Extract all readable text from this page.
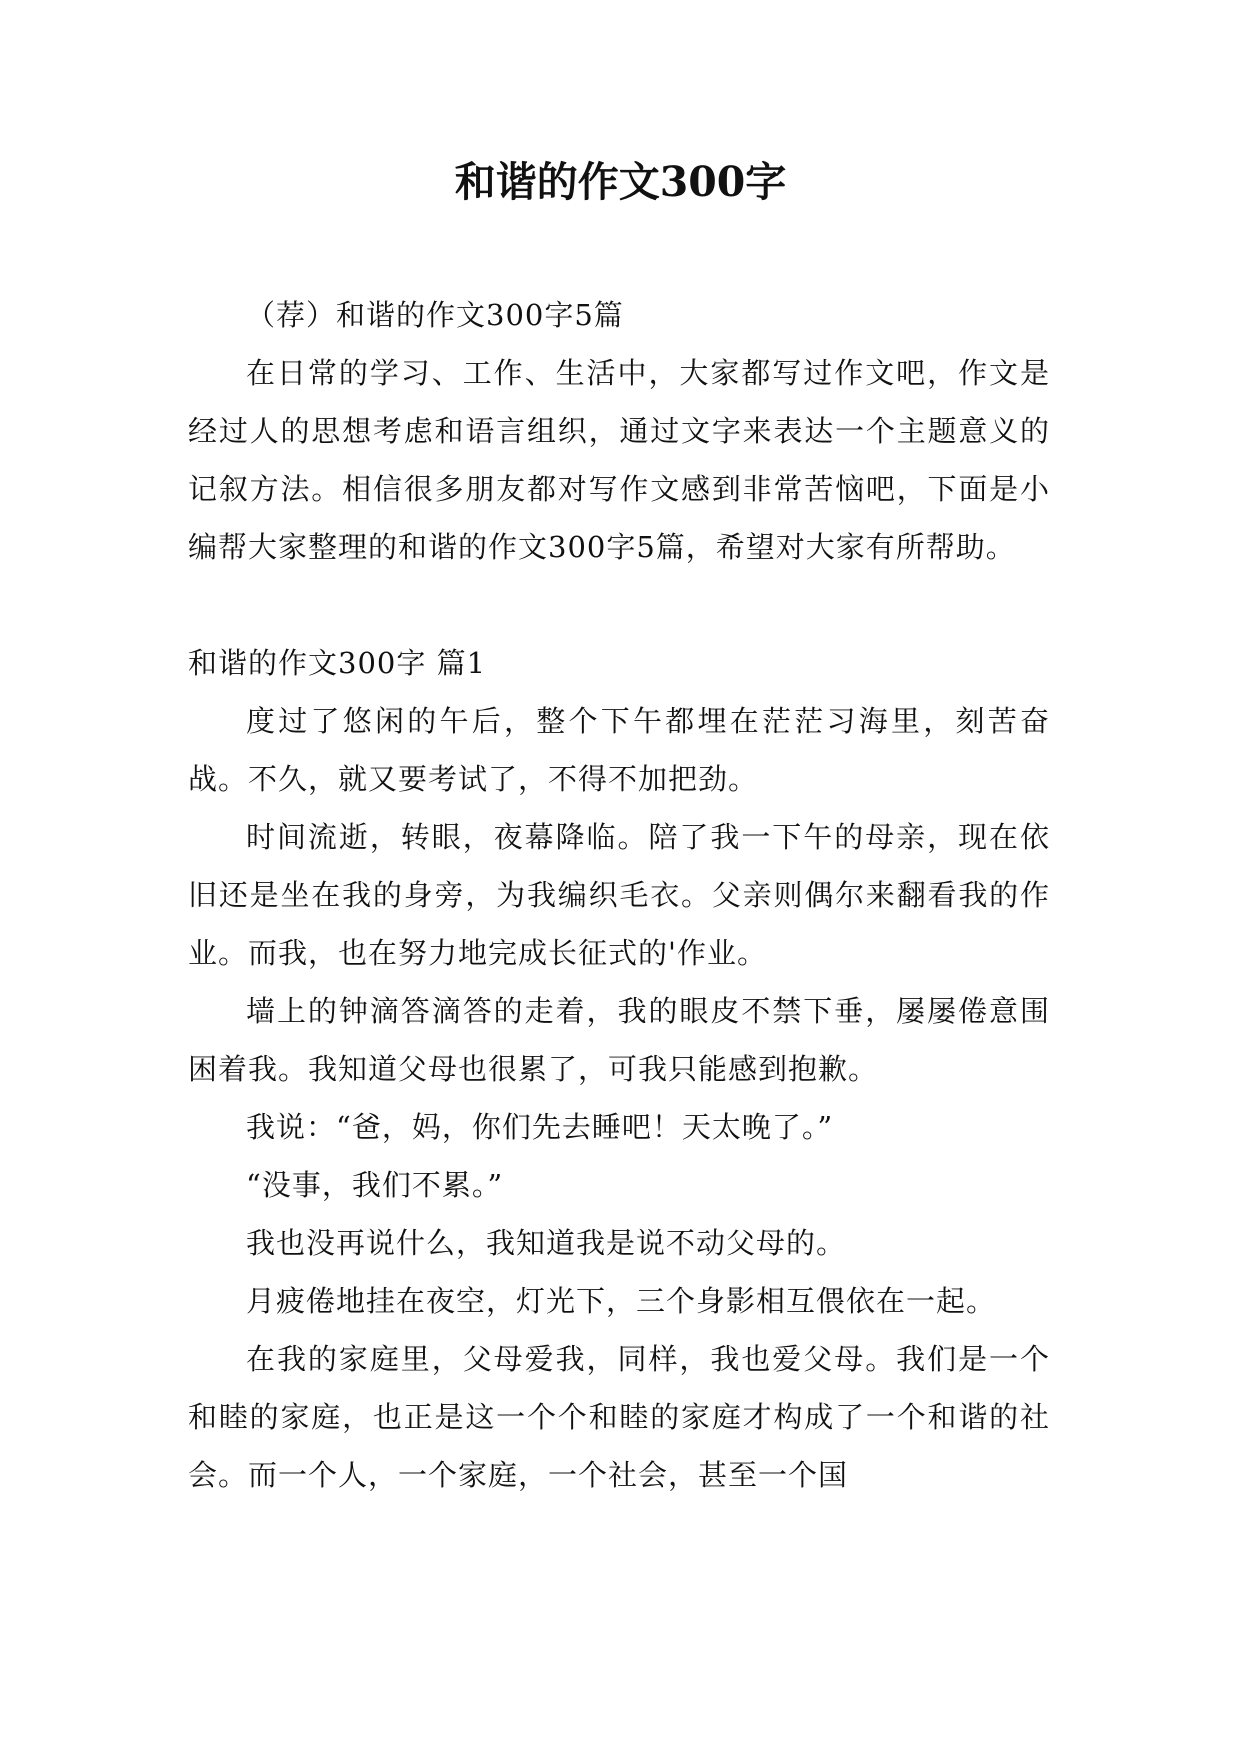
和谐的作文300字

（荐）和谐的作文300字5篇

在日常的学习、工作、生活中，大家都写过作文吧，作文是经过人的思想考虑和语言组织，通过文字来表达一个主题意义的记叙方法。相信很多朋友都对写作文感到非常苦恼吧，下面是小编帮大家整理的和谐的作文300字5篇，希望对大家有所帮助。

和谐的作文300字 篇1

度过了悠闲的午后，整个下午都埋在茫茫习海里，刻苦奋战。不久，就又要考试了，不得不加把劲。

时间流逝，转眼，夜幕降临。陪了我一下午的母亲，现在依旧还是坐在我的身旁，为我编织毛衣。父亲则偶尔来翻看我的作业。而我，也在努力地完成长征式的'作业。

墙上的钟滴答滴答的走着，我的眼皮不禁下垂，屡屡倦意围困着我。我知道父母也很累了，可我只能感到抱歉。

我说：“爸，妈，你们先去睡吧！天太晚了。”

“没事，我们不累。”

我也没再说什么，我知道我是说不动父母的。

月疲倦地挂在夜空，灯光下，三个身影相互偎依在一起。

在我的家庭里，父母爱我，同样，我也爱父母。我们是一个和睦的家庭，也正是这一个个和睦的家庭才构成了一个和谐的社会。而一个人，一个家庭，一个社会，甚至一个国
